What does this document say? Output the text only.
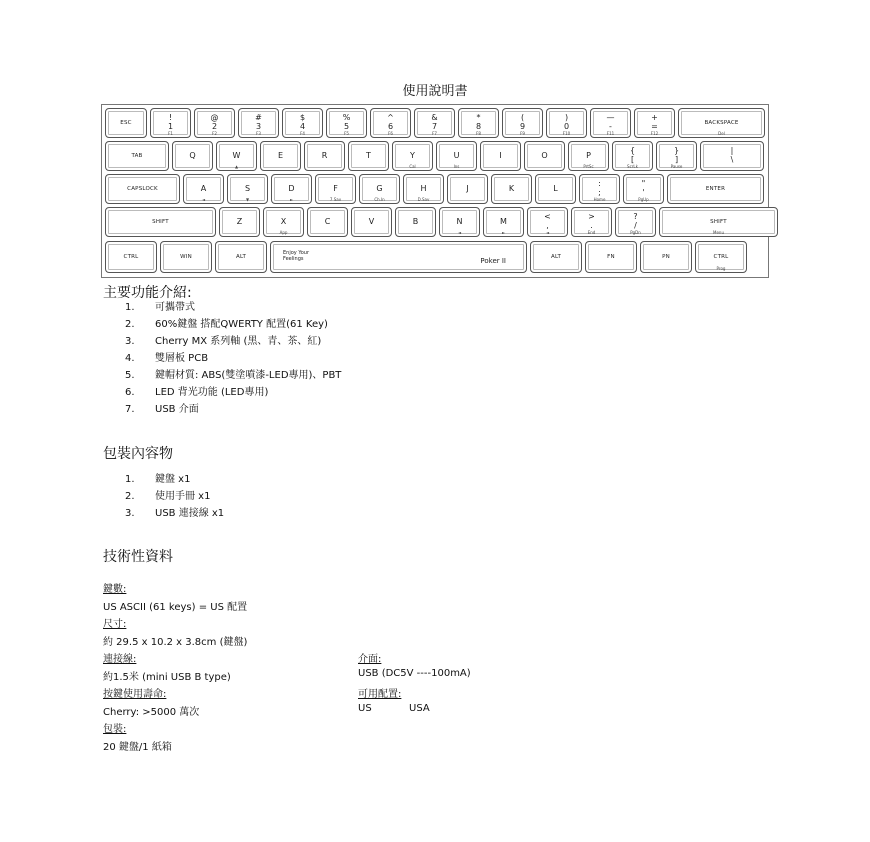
使用說明書
ESC
!
1
F1
@
2
F2
#
3
F3
$
4
F4
%
5
F5
^
6
F6
&
7
F7
*
8
F8
(
9
F9
)
0
F10
—
-
F11
+
=
F12
BACKSPACE
Del
TAB	Q	W
▲
E	R	T	Y
Cal
U
Ins
I	O	P
PrtSc
{
[
ScrLk
}
]
Pause
|
\
CAPSLOCK	A
◄
S
▼
D
►
F
7 Sav
G
Ch.In
H
D.Sav
J	K	L	:
;
Home
"
'
PgUp
ENTER
SHIFT	Z	X
App
C	V	B	N
◄
M
►
<
,
◄
>
.
End
?
/
PgDn
SHIFT
Menu
CTRL	WIN	ALT
Enjoy Your
Feelings	Poker II
ALT	FN	PN	CTRL
Prog
主要功能介紹:
1. 可攜帶式
2. 60%鍵盤 搭配QWERTY 配置(61 Key)
3. Cherry MX 系列軸 (黑、青、茶、紅)
4. 雙層板 PCB
5. 鍵帽材質: ABS(雙塗噴漆-LED專用)、PBT
6. LED 背光功能 (LED專用)
7. USB 介面
包裝內容物
1. 鍵盤 x1
2. 使用手冊 x1
3. USB 連接線 x1
技術性資料
鍵數:
US ASCII (61 keys) = US 配置
尺寸:
約 29.5 x 10.2 x 3.8cm (鍵盤)
連接線:
約1.5米 (mini USB B type)
介面:
USB (DC5V ----100mA)
按鍵使用壽命:
Cherry: >5000 萬次
可用配置:
US	USA
包裝:
20 鍵盤/1 紙箱
